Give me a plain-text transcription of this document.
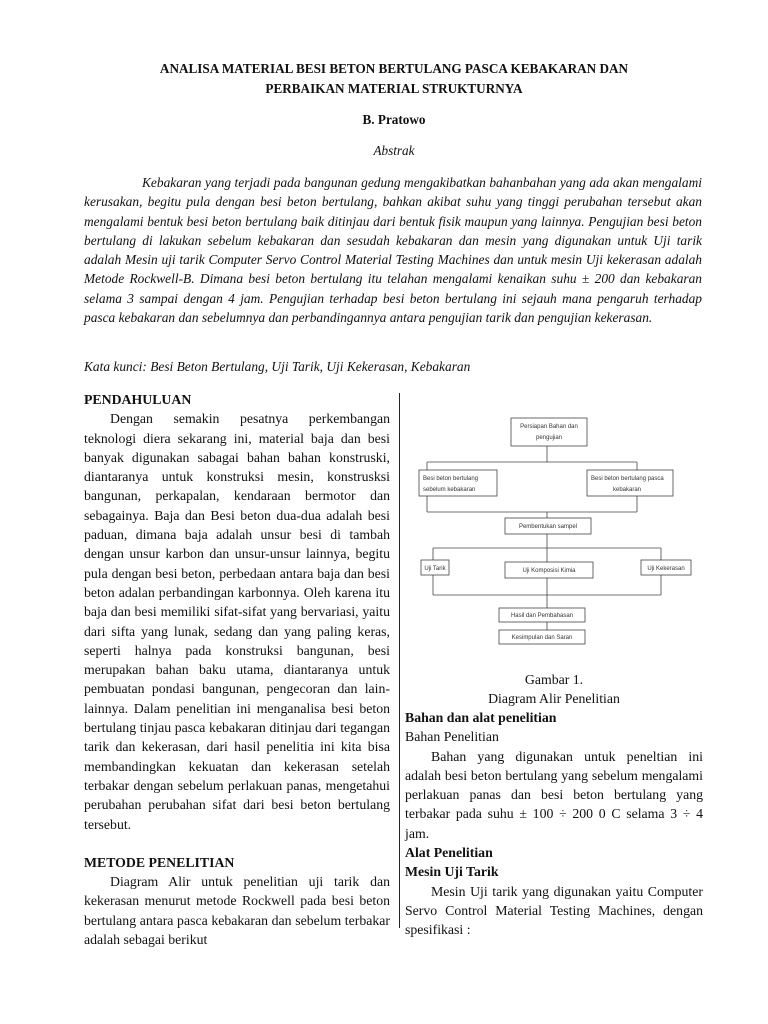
ANALISA MATERIAL BESI BETON BERTULANG PASCA KEBAKARAN DAN
PERBAIKAN MATERIAL STRUKTURNYA
B. Pratowo
Abstrak

Kebakaran yang terjadi pada bangunan gedung mengakibatkan bahanbahan yang ada akan mengalami kerusakan, begitu pula dengan besi beton bertulang, bahkan akibat suhu yang tinggi perubahan tersebut akan mengalami bentuk besi beton bertulang baik ditinjau dari bentuk fisik maupun yang lainnya. Pengujian besi beton bertulang di lakukan sebelum kebakaran dan sesudah kebakaran dan mesin yang digunakan untuk Uji tarik adalah Mesin uji tarik Computer Servo Control Material Testing Machines dan untuk mesin Uji kekerasan adalah Metode Rockwell-B. Dimana besi beton bertulang itu telahan mengalami kenaikan suhu ± 200 dan kebakaran selama 3 sampai dengan 4 jam. Pengujian terhadap besi beton bertulang ini sejauh mana pengaruh terhadap pasca kebakaran dan sebelumnya dan perbandingannya antara pengujian tarik dan pengujian kekerasan.

Kata kunci: Besi Beton Bertulang, Uji Tarik, Uji Kekerasan, Kebakaran

PENDAHULUAN

Dengan semakin pesatnya perkembangan teknologi diera sekarang ini, material baja dan besi banyak digunakan sabagai bahan bahan konstruski, diantaranya untuk konstruksi mesin, konstrusksi bangunan, perkapalan, kendaraan bermotor dan sebagainya. Baja dan Besi beton dua-dua adalah besi paduan, dimana baja adalah unsur besi di tambah dengan unsur karbon dan unsur-unsur lainnya, begitu pula dengan besi beton, perbedaan antara baja dan besi beton adalan perbandingan karbonnya. Oleh karena itu baja dan besi memiliki sifat-sifat yang bervariasi, yaitu dari sifta yang lunak, sedang dan yang paling keras, seperti halnya pada konstruksi bangunan, besi merupakan bahan baku utama, diantaranya untuk pembuatan pondasi bangunan, pengecoran dan lain-lainnya. Dalam penelitian ini menganalisa besi beton bertulang tinjau pasca kebakaran ditinjau dari tegangan tarik dan kekerasan, dari hasil penelitia ini kita bisa membandingkan kekuatan dan kekerasan setelah terbakar dengan sebelum perlakuan panas, mengetahui perubahan perubahan sifat dari besi beton bertulang tersebut.

METODE PENELITIAN

Diagram Alir untuk penelitian uji tarik dan kekerasan menurut metode Rockwell pada besi beton bertulang antara pasca kebakaran dan sebelum terbakar adalah sebagai berikut

Persiapan Bahan dan
pengujian
Besi beton bertulang
sebelum kebakaran
Besi beton bertulang pasca
kebakaran
Pembentukan sampel
Uji Tarik	Uji Komposisi Kimia	Uji Kekerasan
Hasil dan Pembahasan
Kesimpulan dan Saran
Gambar 1.
Diagram Alir Penelitian
Bahan dan alat penelitian
Bahan Penelitian

Bahan yang digunakan untuk peneltian ini adalah besi beton bertulang yang sebelum mengalami perlakuan panas dan besi beton bertulang yang terbakar pada suhu ± 100 ÷ 200 0 C selama 3 ÷ 4 jam.

Alat Penelitian
Mesin Uji Tarik

Mesin Uji tarik yang digunakan yaitu Computer Servo Control Material Testing Machines, dengan spesifikasi :
